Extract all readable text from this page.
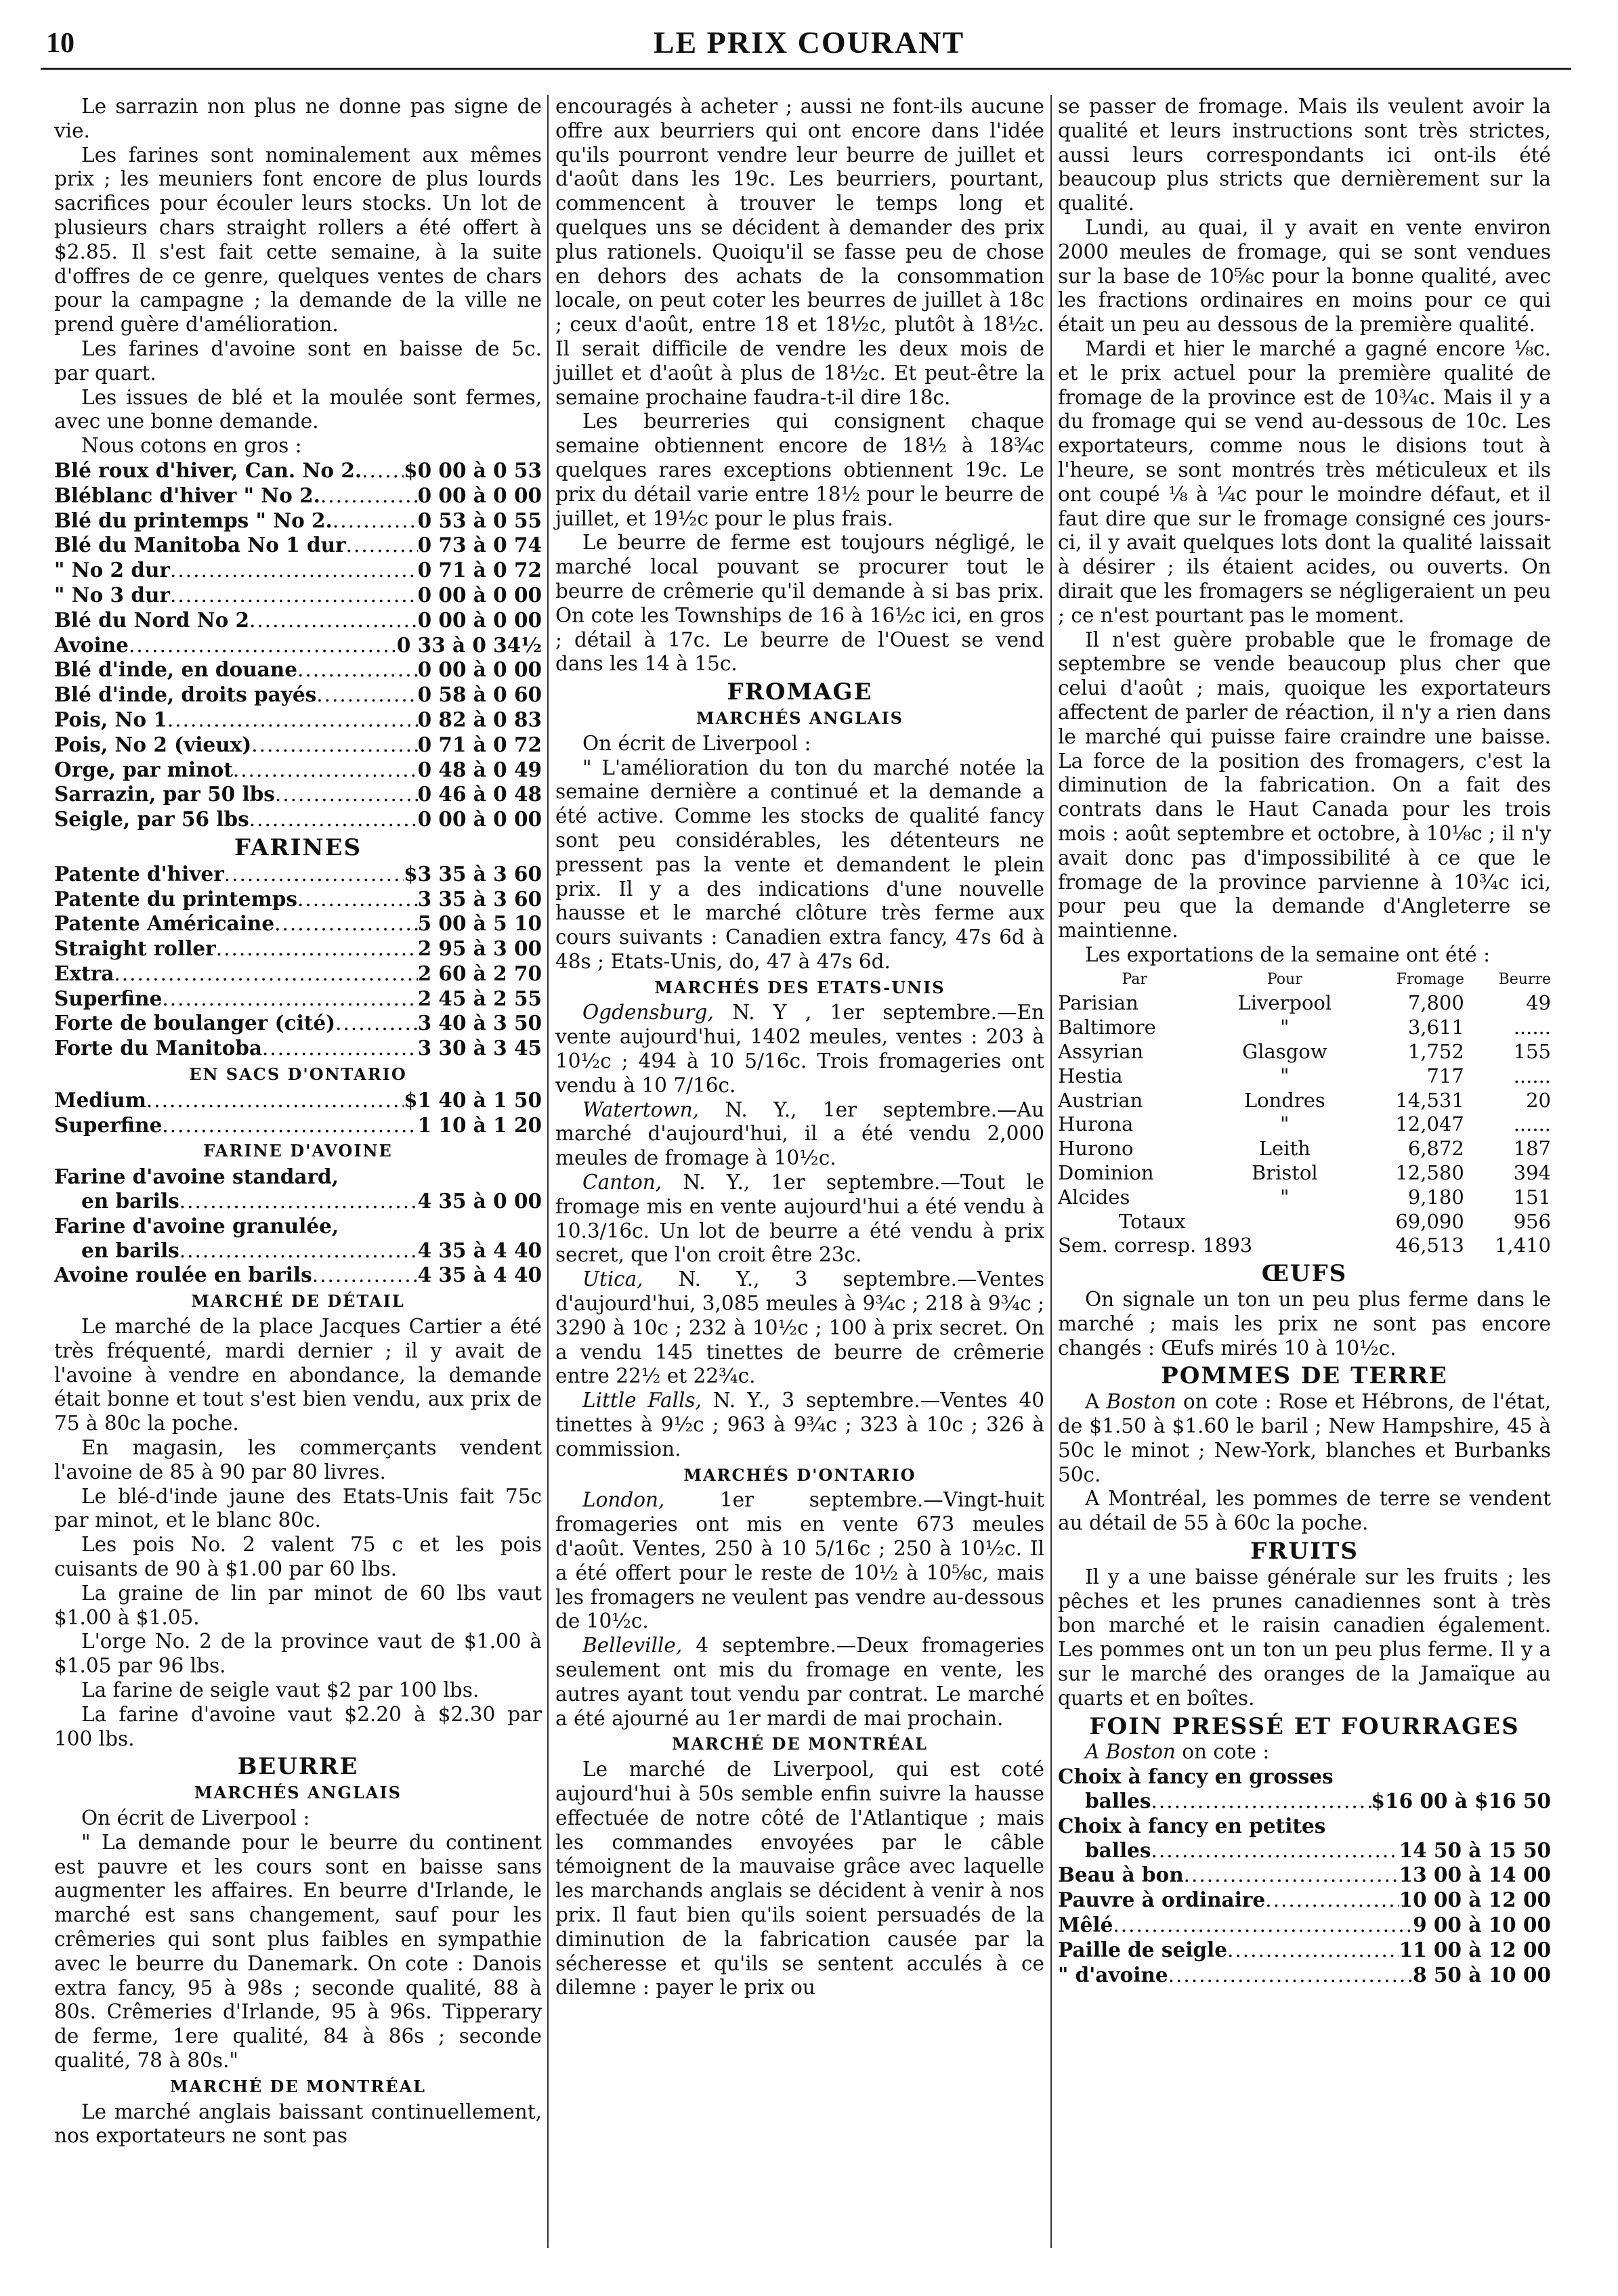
10	LE PRIX COURANT

Le sarrazin non plus ne donne pas signe de vie.

Les farines sont nominalement aux mêmes prix ; les meuniers font encore de plus lourds sacrifices pour écouler leurs stocks. Un lot de plusieurs chars straight rollers a été offert à $2.85. Il s'est fait cette semaine, à la suite d'offres de ce genre, quelques ventes de chars pour la campagne ; la demande de la ville ne prend guère d'amélioration.

Les farines d'avoine sont en baisse de 5c. par quart.

Les issues de blé et la moulée sont fermes, avec une bonne demande.

Nous cotons en gros :

Blé roux d'hiver, Can. No 2. ..... $0 00 à 0 53
Bléblanc d'hiver " No 2. .....	0 00 à 0 00
Blé du printemps " No 2. .....	0 53 à 0 55
Blé du Manitoba No 1 dur .....	0 73 à 0 74
" No 2 dur .....	0 71 à 0 72
" No 3 dur .....	0 00 à 0 00
Blé du Nord No 2 .....	0 00 à 0 00
Avoine .....	0 33 à 0 34½
Blé d'inde, en douane .....	0 00 à 0 00
Blé d'inde, droits payés .....	0 58 à 0 60
Pois, No 1 .....	0 82 à 0 83
Pois, No 2 (vieux) .....	0 71 à 0 72
Orge, par minot .....	0 48 à 0 49
Sarrazin, par 50 lbs .....	0 46 à 0 48
Seigle, par 56 lbs .....	0 00 à 0 00
FARINES
Patente d'hiver .....	$3 35 à 3 60
Patente du printemps .....	3 35 à 3 60
Patente Américaine .....	5 00 à 5 10
Straight roller .....	2 95 à 3 00
Extra .....	2 60 à 2 70
Superfine .....	2 45 à 2 55
Forte de boulanger (cité) .....	3 40 à 3 50
Forte du Manitoba .....	3 30 à 3 45
EN SACS D'ONTARIO
Medium .....	$1 40 à 1 50
Superfine .....	1 10 à 1 20
FARINE D'AVOINE
Farine d'avoine standard,
en barils .....	4 35 à 0 00
Farine d'avoine granulée,
en barils .....	4 35 à 4 40
Avoine roulée en barils .....	4 35 à 4 40
MARCHÉ DE DÉTAIL

Le marché de la place Jacques Cartier a été très fréquenté, mardi dernier ; il y avait de l'avoine à vendre en abondance, la demande était bonne et tout s'est bien vendu, aux prix de 75 à 80c la poche.

En magasin, les commerçants vendent l'avoine de 85 à 90 par 80 livres.

Le blé-d'inde jaune des Etats-Unis fait 75c par minot, et le blanc 80c.

Les pois No. 2 valent 75 c et les pois cuisants de 90 à $1.00 par 60 lbs.

La graine de lin par minot de 60 lbs vaut $1.00 à $1.05.

L'orge No. 2 de la province vaut de $1.00 à $1.05 par 96 lbs.

La farine de seigle vaut $2 par 100 lbs.

La farine d'avoine vaut $2.20 à $2.30 par 100 lbs.

BEURRE
MARCHÉS ANGLAIS

On écrit de Liverpool :

" La demande pour le beurre du continent est pauvre et les cours sont en baisse sans augmenter les affaires. En beurre d'Irlande, le marché est sans changement, sauf pour les crêmeries qui sont plus faibles en sympathie avec le beurre du Danemark. On cote : Danois extra fancy, 95 à 98s ; seconde qualité, 88 à 80s. Crêmeries d'Irlande, 95 à 96s. Tipperary de ferme, 1ere qualité, 84 à 86s ; seconde qualité, 78 à 80s."

MARCHÉ DE MONTRÉAL

Le marché anglais baissant continuellement, nos exportateurs ne sont pas

encouragés à acheter ; aussi ne font-ils aucune offre aux beurriers qui ont encore dans l'idée qu'ils pourront vendre leur beurre de juillet et d'août dans les 19c. Les beurriers, pourtant, commencent à trouver le temps long et quelques uns se décident à demander des prix plus rationels. Quoiqu'il se fasse peu de chose en dehors des achats de la consommation locale, on peut coter les beurres de juillet à 18c ; ceux d'août, entre 18 et 18½c, plutôt à 18½c. Il serait difficile de vendre les deux mois de juillet et d'août à plus de 18½c. Et peut-être la semaine prochaine faudra-t-il dire 18c.

Les beurreries qui consignent chaque semaine obtiennent encore de 18½ à 18¾c quelques rares exceptions obtiennent 19c. Le prix du détail varie entre 18½ pour le beurre de juillet, et 19½c pour le plus frais.

Le beurre de ferme est toujours négligé, le marché local pouvant se procurer tout le beurre de crêmerie qu'il demande à si bas prix. On cote les Townships de 16 à 16½c ici, en gros ; détail à 17c. Le beurre de l'Ouest se vend dans les 14 à 15c.

FROMAGE
MARCHÉS ANGLAIS

On écrit de Liverpool :

" L'amélioration du ton du marché notée la semaine dernière a continué et la demande a été active. Comme les stocks de qualité fancy sont peu considérables, les détenteurs ne pressent pas la vente et demandent le plein prix. Il y a des indications d'une nouvelle hausse et le marché clôture très ferme aux cours suivants : Canadien extra fancy, 47s 6d à 48s ; Etats-Unis, do, 47 à 47s 6d.

MARCHÉS DES ETATS-UNIS

Ogdensburg, N. Y , 1er septembre.—En vente aujourd'hui, 1402 meules, ventes : 203 à 10½c ; 494 à 10 5/16c. Trois fromageries ont vendu à 10 7/16c.

Watertown, N. Y., 1er septembre.—Au marché d'aujourd'hui, il a été vendu 2,000 meules de fromage à 10½c.

Canton, N. Y., 1er septembre.—Tout le fromage mis en vente aujourd'hui a été vendu à 10.3/16c. Un lot de beurre a été vendu à prix secret, que l'on croit être 23c.

Utica, N. Y., 3 septembre.—Ventes d'aujourd'hui, 3,085 meules à 9¾c ; 218 à 9¾c ; 3290 à 10c ; 232 à 10½c ; 100 à prix secret. On a vendu 145 tinettes de beurre de crêmerie entre 22½ et 22¾c.

Little Falls, N. Y., 3 septembre.—Ventes 40 tinettes à 9½c ; 963 à 9¾c ; 323 à 10c ; 326 à commission.

MARCHÉS D'ONTARIO

London, 1er septembre.—Vingt-huit fromageries ont mis en vente 673 meules d'août. Ventes, 250 à 10 5/16c ; 250 à 10½c. Il a été offert pour le reste de 10½ à 10⅝c, mais les fromagers ne veulent pas vendre au-dessous de 10½c.

Belleville, 4 septembre.—Deux fromageries seulement ont mis du fromage en vente, les autres ayant tout vendu par contrat. Le marché a été ajourné au 1er mardi de mai prochain.

MARCHÉ DE MONTRÉAL

Le marché de Liverpool, qui est coté aujourd'hui à 50s semble enfin suivre la hausse effectuée de notre côté de l'Atlantique ; mais les commandes envoyées par le câble témoignent de la mauvaise grâce avec laquelle les marchands anglais se décident à venir à nos prix. Il faut bien qu'ils soient persuadés de la diminution de la fabrication causée par la sécheresse et qu'ils se sentent acculés à ce dilemne : payer le prix ou

se passer de fromage. Mais ils veulent avoir la qualité et leurs instructions sont très strictes, aussi leurs correspondants ici ont-ils été beaucoup plus stricts que dernièrement sur la qualité.

Lundi, au quai, il y avait en vente environ 2000 meules de fromage, qui se sont vendues sur la base de 10⅝c pour la bonne qualité, avec les fractions ordinaires en moins pour ce qui était un peu au dessous de la première qualité.

Mardi et hier le marché a gagné encore ⅛c. et le prix actuel pour la première qualité de fromage de la province est de 10¾c. Mais il y a du fromage qui se vend au-dessous de 10c. Les exportateurs, comme nous le disions tout à l'heure, se sont montrés très méticuleux et ils ont coupé ⅛ à ¼c pour le moindre défaut, et il faut dire que sur le fromage consigné ces jours-ci, il y avait quelques lots dont la qualité laissait à désirer ; ils étaient acides, ou ouverts. On dirait que les fromagers se négligeraient un peu ; ce n'est pourtant pas le moment.

Il n'est guère probable que le fromage de septembre se vende beaucoup plus cher que celui d'août ; mais, quoique les exportateurs affectent de parler de réaction, il n'y a rien dans le marché qui puisse faire craindre une baisse. La force de la position des fromagers, c'est la diminution de la fabrication. On a fait des contrats dans le Haut Canada pour les trois mois : août septembre et octobre, à 10⅛c ; il n'y avait donc pas d'impossibilité à ce que le fromage de la province parvienne à 10¾c ici, pour peu que la demande d'Angleterre se maintienne.

Les exportations de la semaine ont été :

Par	Pour	Fromage	Beurre
Parisian	Liverpool	7,800	49
Baltimore	"	3,611	......
Assyrian	Glasgow	1,752	155
Hestia	"	717	......
Austrian	Londres	14,531	20
Hurona	"	12,047	......
Hurono	Leith	6,872	187
Dominion	Bristol	12,580	394
Alcides	"	9,180	151
Totaux		69,090	956
Sem. corresp. 1893		46,513	1,410
ŒUFS

On signale un ton un peu plus ferme dans le marché ; mais les prix ne sont pas encore changés : Œufs mirés 10 à 10½c.

POMMES DE TERRE

A Boston on cote : Rose et Hébrons, de l'état, de $1.50 à $1.60 le baril ; New Hampshire, 45 à 50c le minot ; New-York, blanches et Burbanks 50c.

A Montréal, les pommes de terre se vendent au détail de 55 à 60c la poche.

FRUITS

Il y a une baisse générale sur les fruits ; les pêches et les prunes canadiennes sont à très bon marché et le raisin canadien également. Les pommes ont un ton un peu plus ferme. Il y a sur le marché des oranges de la Jamaïque au quarts et en boîtes.

FOIN PRESSÉ ET FOURRAGES

A Boston on cote :

Choix à fancy en grosses
balles .....	$16 00 à $16 50
Choix à fancy en petites
balles .....	14 50 à 15 50
Beau à bon .....	13 00 à 14 00
Pauvre à ordinaire .....	10 00 à 12 00
Mêlé .....	9 00 à 10 00
Paille de seigle .....	11 00 à 12 00
" d'avoine .....	8 50 à 10 00
